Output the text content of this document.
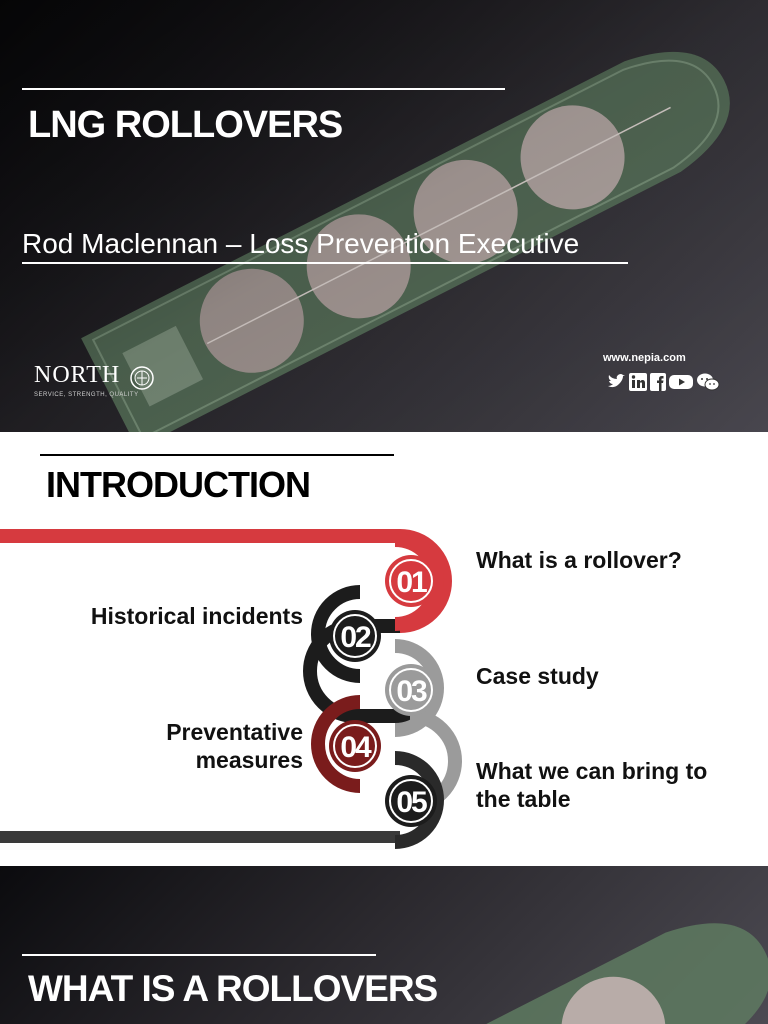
LNG ROLLOVERS
Rod Maclennan – Loss Prevention Executive
NORTH
SERVICE, STRENGTH, QUALITY
www.nepia.com
INTRODUCTION
01
02
03
04
05
What is a rollover?
Historical incidents
Case study
Preventative
measures	What we can bring to
the table
WHAT IS A ROLLOVERS
